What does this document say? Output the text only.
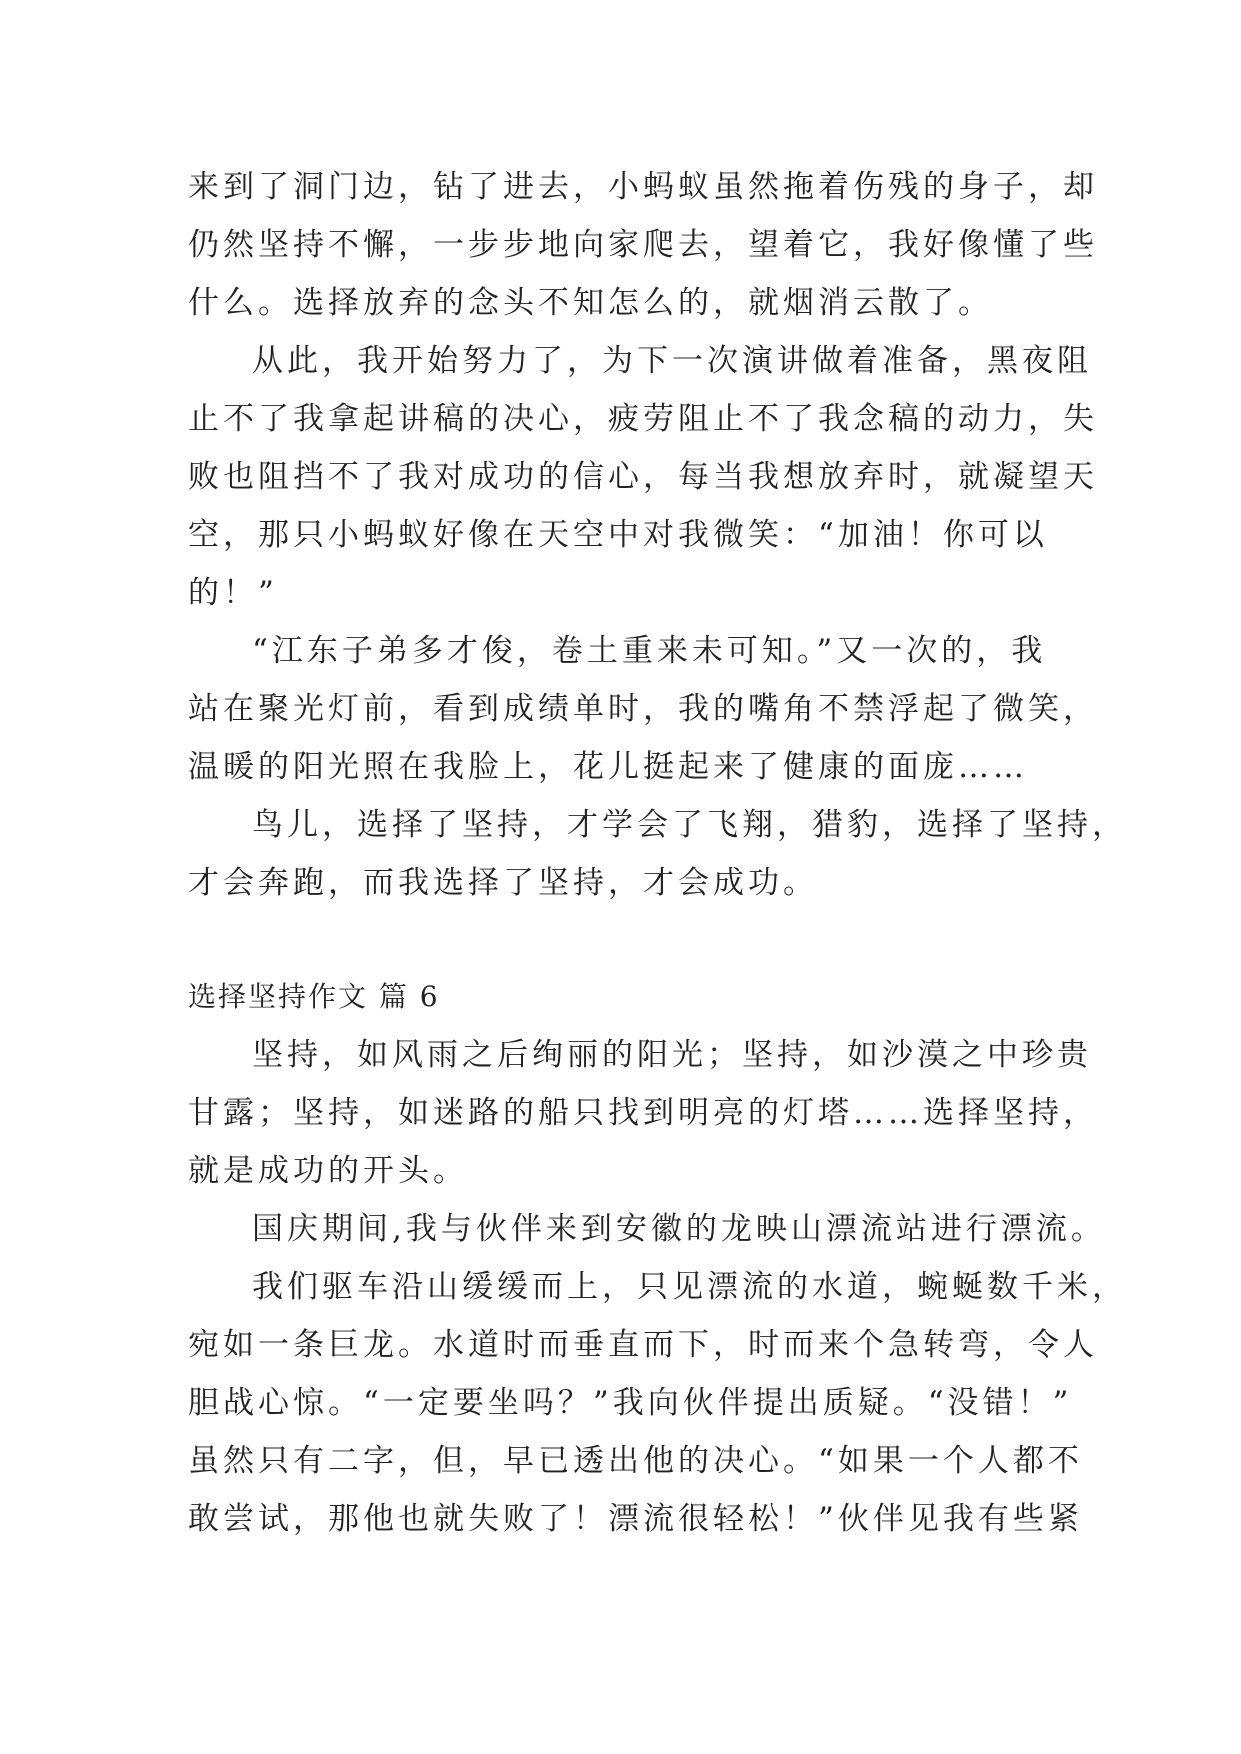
来到了洞门边，钻了进去，小蚂蚁虽然拖着伤残的身子，却
仍然坚持不懈，一步步地向家爬去，望着它，我好像懂了些
什么。选择放弃的念头不知怎么的，就烟消云散了。
从此，我开始努力了，为下一次演讲做着准备，黑夜阻
止不了我拿起讲稿的决心，疲劳阻止不了我念稿的动力，失
败也阻挡不了我对成功的信心，每当我想放弃时，就凝望天
空，那只小蚂蚁好像在天空中对我微笑：“加油！你可以
的！”
“江东子弟多才俊，卷土重来未可知。”又一次的，我
站在聚光灯前，看到成绩单时，我的嘴角不禁浮起了微笑，
温暖的阳光照在我脸上，花儿挺起来了健康的面庞……
鸟儿，选择了坚持，才学会了飞翔，猎豹，选择了坚持，
才会奔跑，而我选择了坚持，才会成功。
选择坚持作文 篇 6
坚持，如风雨之后绚丽的阳光；坚持，如沙漠之中珍贵
甘露；坚持，如迷路的船只找到明亮的灯塔……选择坚持，
就是成功的开头。
国庆期间,我与伙伴来到安徽的龙映山漂流站进行漂流。
我们驱车沿山缓缓而上，只见漂流的水道，蜿蜒数千米，
宛如一条巨龙。水道时而垂直而下，时而来个急转弯，令人
胆战心惊。“一定要坐吗？”我向伙伴提出质疑。“没错！”
虽然只有二字，但，早已透出他的决心。“如果一个人都不
敢尝试，那他也就失败了！漂流很轻松！”伙伴见我有些紧
